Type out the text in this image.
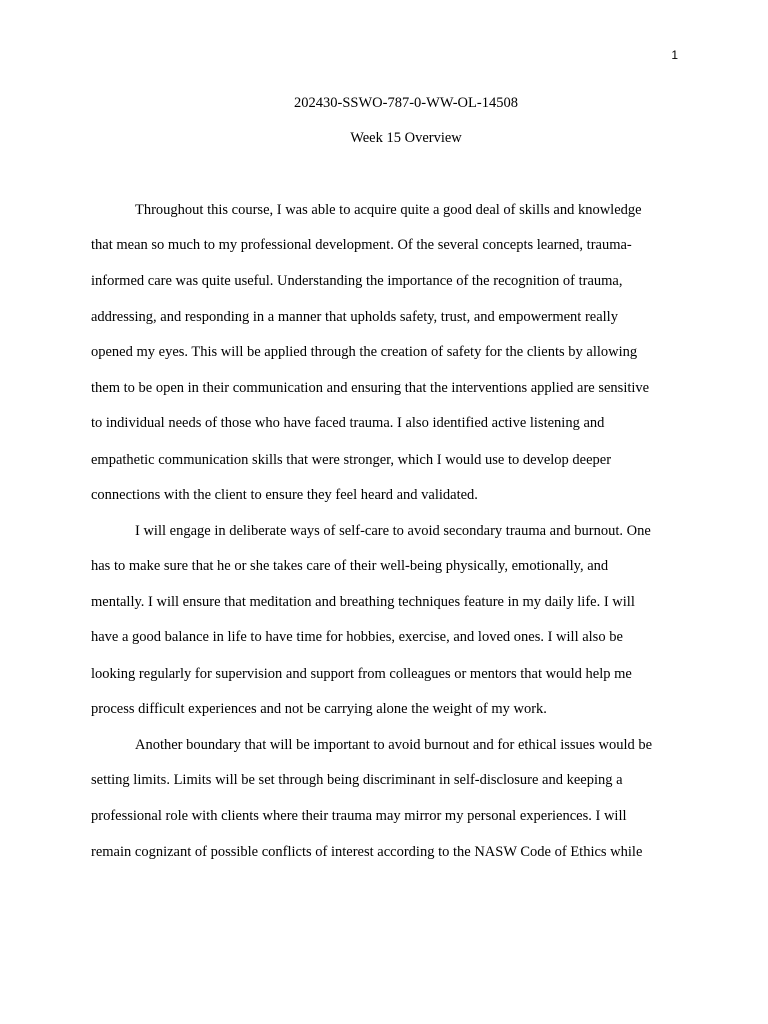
1
202430-SSWO-787-0-WW-OL-14508
Week 15 Overview
Throughout this course, I was able to acquire quite a good deal of skills and knowledge
that mean so much to my professional development. Of the several concepts learned, trauma-
informed care was quite useful. Understanding the importance of the recognition of trauma,
addressing, and responding in a manner that upholds safety, trust, and empowerment really
opened my eyes. This will be applied through the creation of safety for the clients by allowing
them to be open in their communication and ensuring that the interventions applied are sensitive
to individual needs of those who have faced trauma. I also identified active listening and
empathetic communication skills that were stronger, which I would use to develop deeper
connections with the client to ensure they feel heard and validated.
I will engage in deliberate ways of self-care to avoid secondary trauma and burnout. One
has to make sure that he or she takes care of their well-being physically, emotionally, and
mentally. I will ensure that meditation and breathing techniques feature in my daily life. I will
have a good balance in life to have time for hobbies, exercise, and loved ones. I will also be
looking regularly for supervision and support from colleagues or mentors that would help me
process difficult experiences and not be carrying alone the weight of my work.
Another boundary that will be important to avoid burnout and for ethical issues would be
setting limits. Limits will be set through being discriminant in self-disclosure and keeping a
professional role with clients where their trauma may mirror my personal experiences. I will
remain cognizant of possible conflicts of interest according to the NASW Code of Ethics while
